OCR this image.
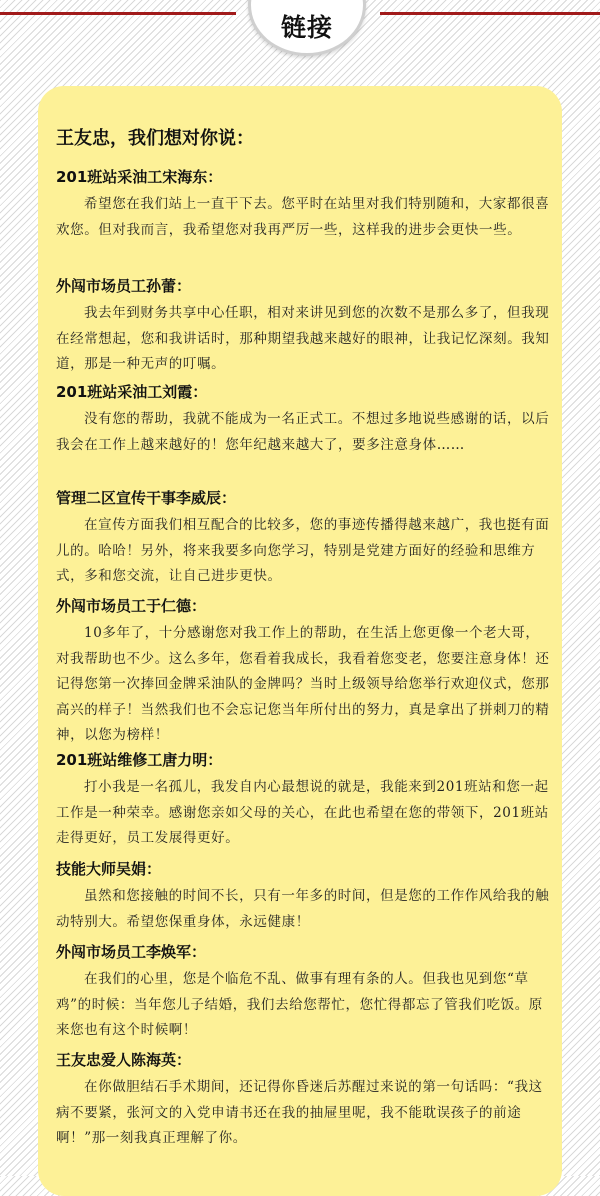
链接
王友忠，我们想对你说：

201班站采油工宋海东：

希望您在我们站上一直干下去。您平时在站里对我们特别随和，大家都很喜欢您。但对我而言，我希望您对我再严厉一些，这样我的进步会更快一些。

外闯市场员工孙蕾：

我去年到财务共享中心任职，相对来讲见到您的次数不是那么多了，但我现在经常想起，您和我讲话时，那种期望我越来越好的眼神，让我记忆深刻。我知道，那是一种无声的叮嘱。

201班站采油工刘霞：

没有您的帮助，我就不能成为一名正式工。不想过多地说些感谢的话，以后我会在工作上越来越好的！您年纪越来越大了，要多注意身体……

管理二区宣传干事李威辰：

在宣传方面我们相互配合的比较多，您的事迹传播得越来越广，我也挺有面儿的。哈哈！另外，将来我要多向您学习，特别是党建方面好的经验和思维方式，多和您交流，让自己进步更快。

外闯市场员工于仁德：

10多年了，十分感谢您对我工作上的帮助，在生活上您更像一个老大哥，对我帮助也不少。这么多年，您看着我成长，我看着您变老，您要注意身体！还记得您第一次捧回金牌采油队的金牌吗？当时上级领导给您举行欢迎仪式，您那高兴的样子！当然我们也不会忘记您当年所付出的努力，真是拿出了拼刺刀的精神，以您为榜样！

201班站维修工唐力明：

打小我是一名孤儿，我发自内心最想说的就是，我能来到201班站和您一起工作是一种荣幸。感谢您亲如父母的关心，在此也希望在您的带领下，201班站走得更好，员工发展得更好。

技能大师吴娟：

虽然和您接触的时间不长，只有一年多的时间，但是您的工作作风给我的触动特别大。希望您保重身体，永远健康！

外闯市场员工李焕军：

在我们的心里，您是个临危不乱、做事有理有条的人。但我也见到您“草鸡”的时候：当年您儿子结婚，我们去给您帮忙，您忙得都忘了管我们吃饭。原来您也有这个时候啊！

王友忠爱人陈海英：

在你做胆结石手术期间，还记得你昏迷后苏醒过来说的第一句话吗：“我这病不要紧，张河文的入党申请书还在我的抽屉里呢，我不能耽误孩子的前途啊！”那一刻我真正理解了你。
